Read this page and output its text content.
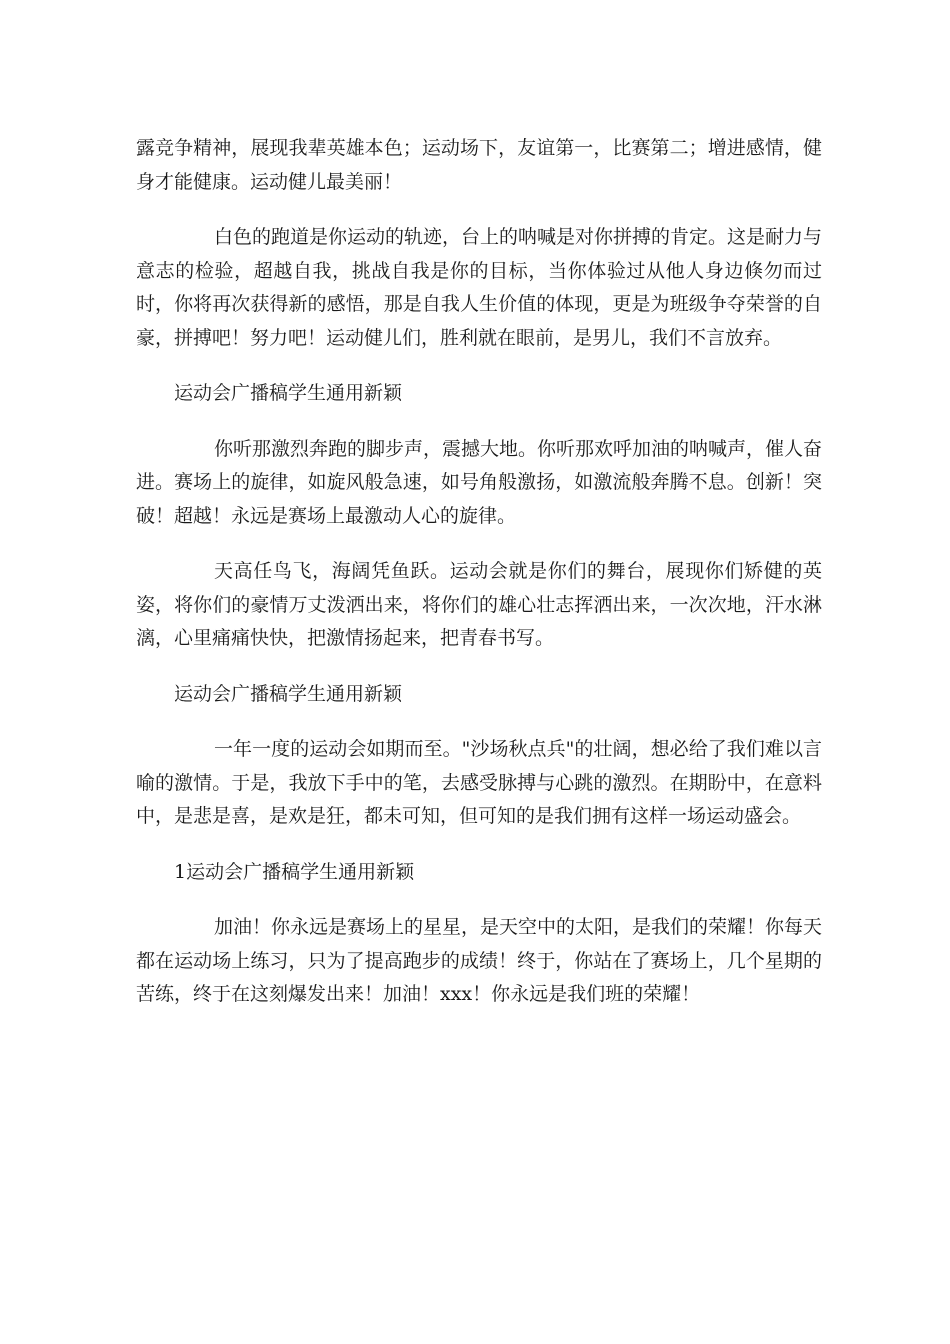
露竞争精神，展现我辈英雄本色；运动场下，友谊第一，比赛第二；增进感情，健身才能健康。运动健儿最美丽！

白色的跑道是你运动的轨迹，台上的呐喊是对你拼搏的肯定。这是耐力与意志的检验，超越自我，挑战自我是你的目标，当你体验过从他人身边倏勿而过时，你将再次获得新的感悟，那是自我人生价值的体现，更是为班级争夺荣誉的自豪，拼搏吧！努力吧！运动健儿们，胜利就在眼前，是男儿，我们不言放弃。

运动会广播稿学生通用新颖

你听那激烈奔跑的脚步声，震撼大地。你听那欢呼加油的呐喊声，催人奋进。赛场上的旋律，如旋风般急速，如号角般激扬，如激流般奔腾不息。创新！突破！超越！永远是赛场上最激动人心的旋律。

天高任鸟飞，海阔凭鱼跃。运动会就是你们的舞台，展现你们矫健的英姿，将你们的豪情万丈泼洒出来，将你们的雄心壮志挥洒出来，一次次地，汗水淋漓，心里痛痛快快，把激情扬起来，把青春书写。

运动会广播稿学生通用新颖

一年一度的运动会如期而至。"沙场秋点兵"的壮阔，想必给了我们难以言喻的激情。于是，我放下手中的笔，去感受脉搏与心跳的激烈。在期盼中，在意料中，是悲是喜，是欢是狂，都未可知，但可知的是我们拥有这样一场运动盛会。

1运动会广播稿学生通用新颖

加油！你永远是赛场上的星星，是天空中的太阳，是我们的荣耀！你每天都在运动场上练习，只为了提高跑步的成绩！终于，你站在了赛场上，几个星期的苦练，终于在这刻爆发出来！加油！xxx！你永远是我们班的荣耀！
